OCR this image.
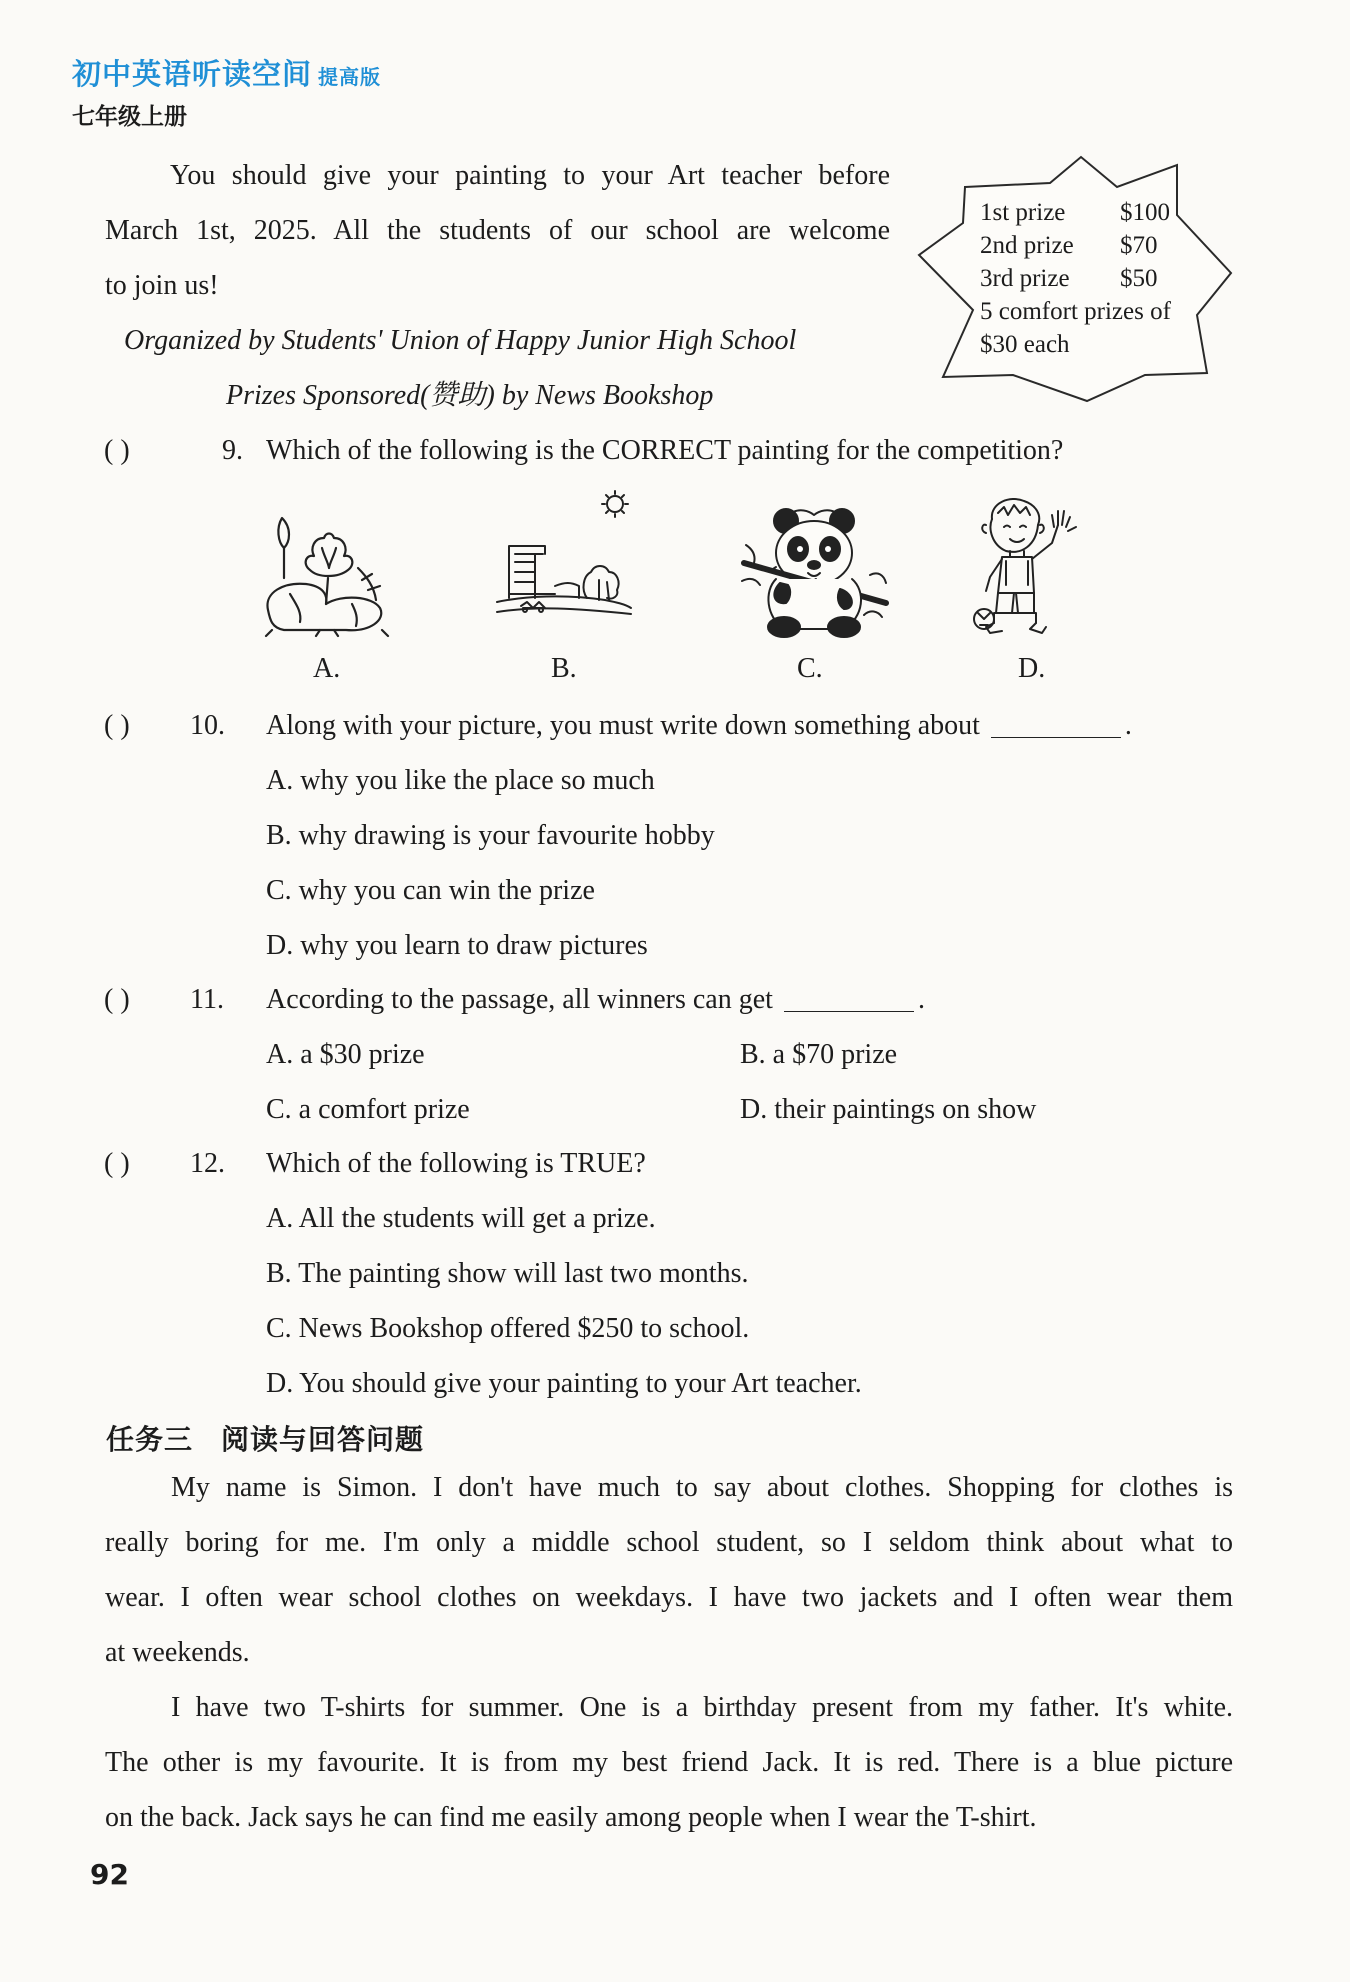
初中英语听读空间 提高版
七年级上册
You should give your painting to your Art teacher before
March 1st, 2025. All the students of our school are welcome
to join us!
Organized by Students' Union of Happy Junior High School
Prizes Sponsored(赞助) by News Bookshop
1st prize $100
2nd prize $70
3rd prize $50
5 comfort prizes of
$30 each
( )	9. Which of the following is the CORRECT painting for the competition?
A.	B.	C.	D.
( ) 10. Along with your picture, you must write down something about	.
A. why you like the place so much
B. why drawing is your favourite hobby
C. why you can win the prize
D. why you learn to draw pictures
( ) 11. According to the passage, all winners can get	.
A. a $30 prize	B. a $70 prize
C. a comfort prize	D. their paintings on show
( ) 12. Which of the following is TRUE?
A. All the students will get a prize.
B. The painting show will last two months.
C. News Bookshop offered $250 to school.
D. You should give your painting to your Art teacher.
任务三 阅读与回答问题
My name is Simon. I don't have much to say about clothes. Shopping for clothes is
really boring for me. I'm only a middle school student, so I seldom think about what to
wear. I often wear school clothes on weekdays. I have two jackets and I often wear them
at weekends.
I have two T-shirts for summer. One is a birthday present from my father. It's white.
The other is my favourite. It is from my best friend Jack. It is red. There is a blue picture
on the back. Jack says he can find me easily among people when I wear the T-shirt.
92
